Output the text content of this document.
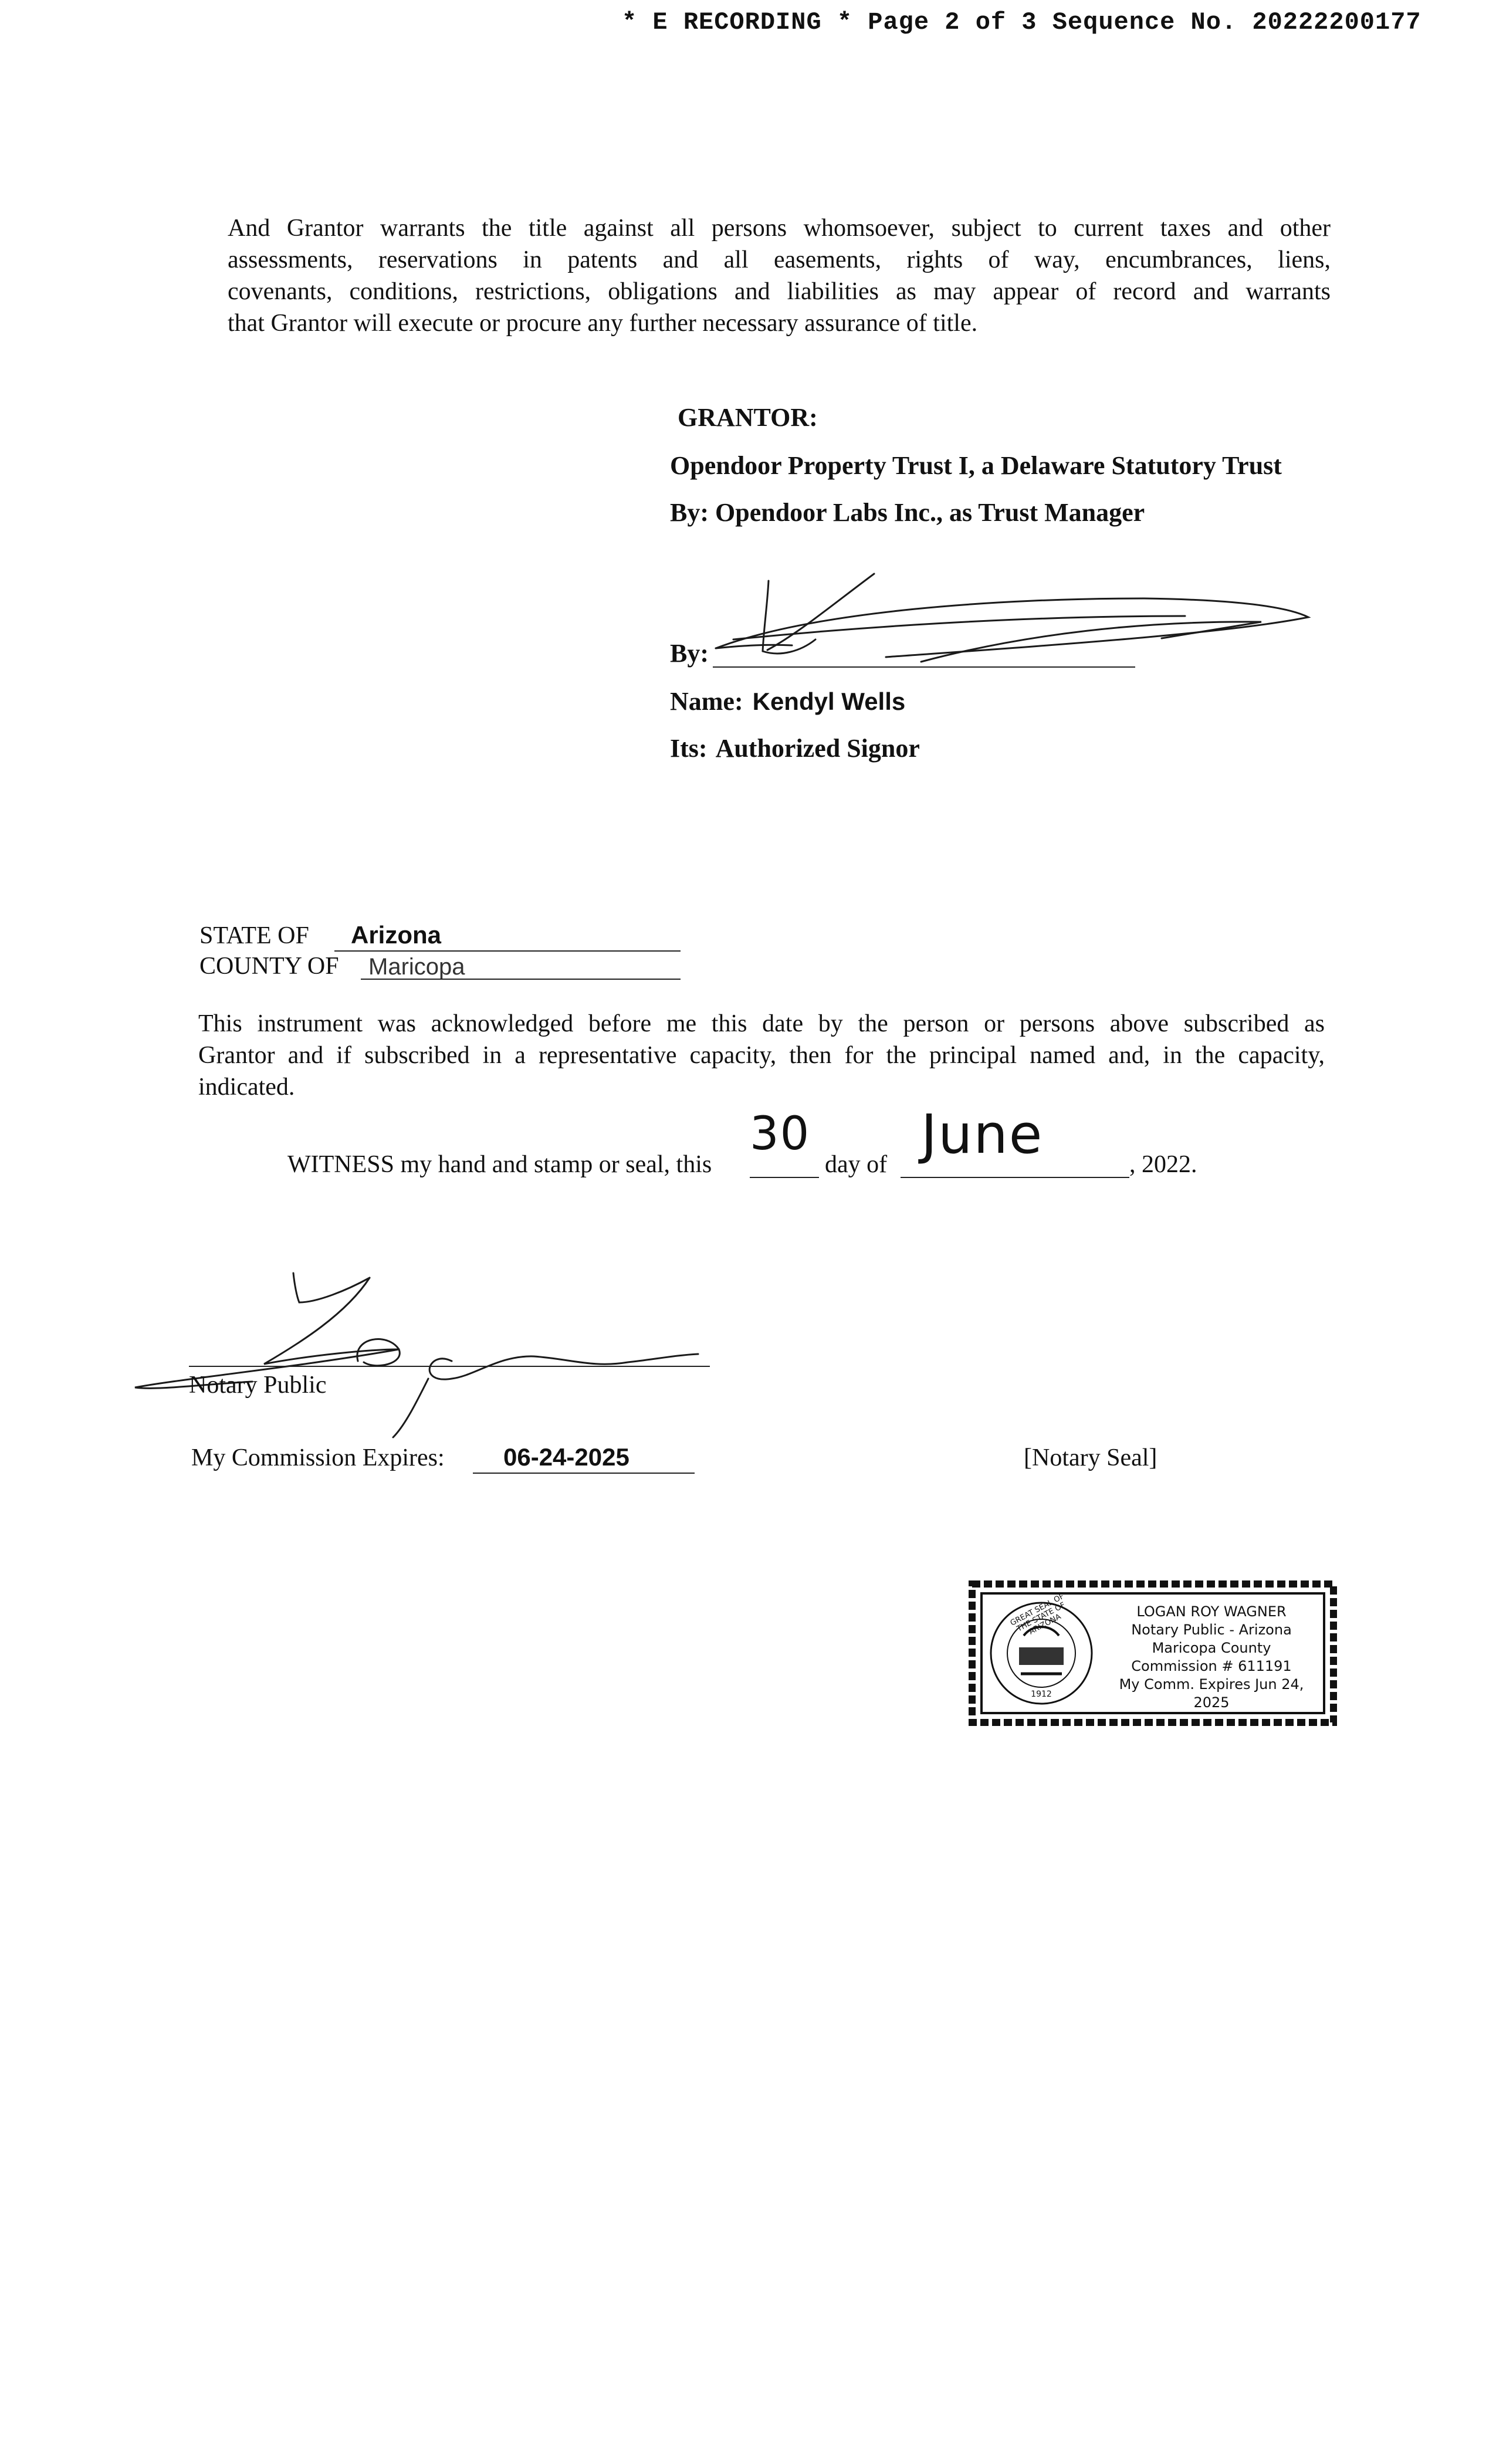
* E RECORDING * Page 2 of 3 Sequence No. 20222200177
And Grantor warrants the title against all persons whomsoever, subject to current taxes and other
assessments, reservations in patents and all easements, rights of way, encumbrances, liens,
covenants, conditions, restrictions, obligations and liabilities as may appear of record and warrants
that Grantor will execute or procure any further necessary assurance of title.
GRANTOR:
Opendoor Property Trust I, a Delaware Statutory Trust
By: Opendoor Labs Inc., as Trust Manager
By:
Name: Kendyl Wells
Its: Authorized Signor
STATE OF Arizona
COUNTY OF Maricopa
This instrument was acknowledged before me this date by the person or persons above subscribed as
Grantor and if subscribed in a representative capacity, then for the principal named and, in the capacity,
indicated.
WITNESS my hand and stamp or seal, this
30
day of June	, 2022.
Notary Public
My Commission Expires: 06-24-2025	[Notary Seal]
GREAT SEAL OF THE STATE OF ARIZONA
1912
LOGAN ROY WAGNER
Notary Public - Arizona
Maricopa County
Commission # 611191
My Comm. Expires Jun 24, 2025
